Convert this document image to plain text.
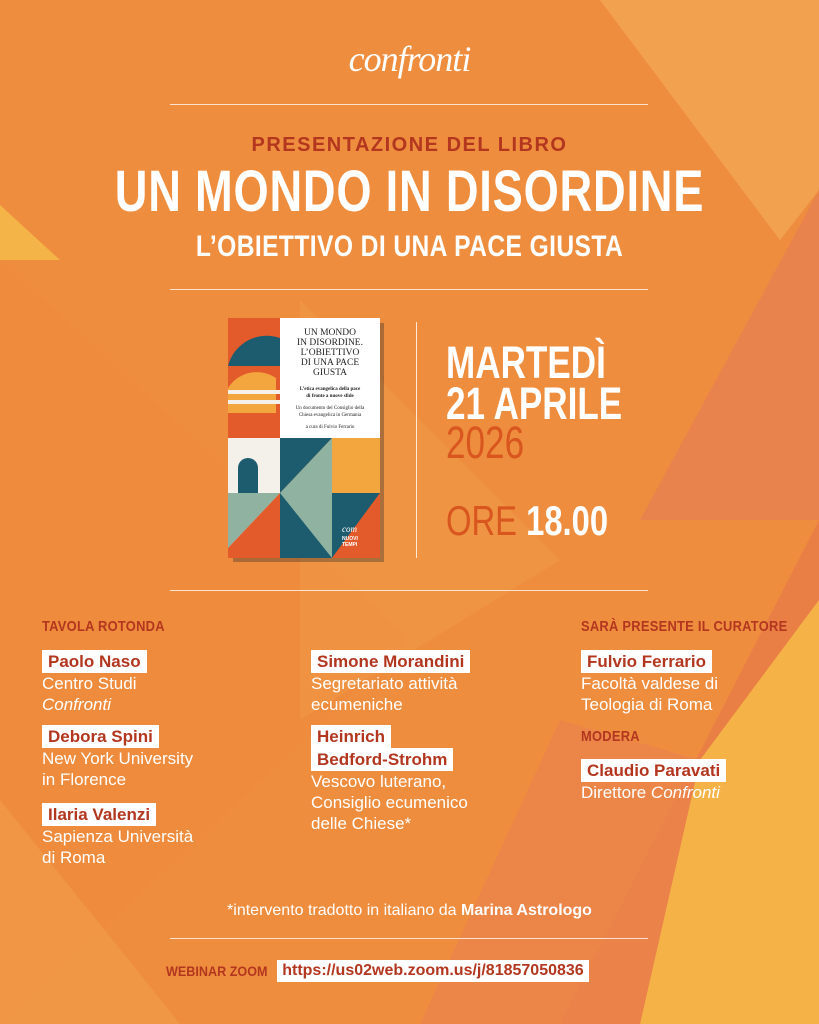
confronti
PRESENTAZIONE DEL LIBRO
UN MONDO IN DISORDINE
L’OBIETTIVO DI UNA PACE GIUSTA
UN MONDO
IN DISORDINE.
L’OBIETTIVO
DI UNA PACE
GIUSTA
L’etica evangelica della pace
di fronte a nuove sfide
Un documento del Consiglio della
Chiesa evangelica in Germania
a cura di Fulvio Ferrario
com
NUOVI
TEMPI
MARTEDÌ
21 APRILE
2026
ORE 18.00
TAVOLA ROTONDA
Paolo Naso
Centro Studi
Confronti
Debora Spini
New York University
in Florence
Ilaria Valenzi
Sapienza Università
di Roma
Simone Morandini
Segretariato attività
ecumeniche
Heinrich
Bedford-Strohm
Vescovo luterano,
Consiglio ecumenico
delle Chiese*
SARÀ PRESENTE IL CURATORE
Fulvio Ferrario
Facoltà valdese di
Teologia di Roma
MODERA
Claudio Paravati
Direttore Confronti
*intervento tradotto in italiano da Marina Astrologo
WEBINAR ZOOM https://us02web.zoom.us/j/81857050836
